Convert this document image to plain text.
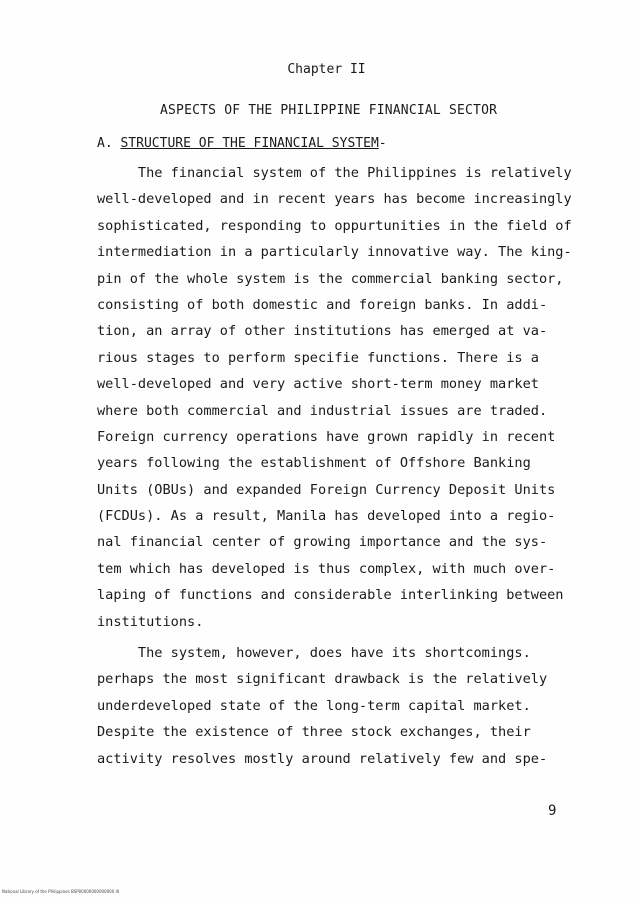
Chapter II
ASPECTS OF THE PHILIPPINE FINANCIAL SECTOR
A. STRUCTURE OF THE FINANCIAL SYSTEM-
The financial system of the Philippines is relatively
well-developed and in recent years has become increasingly
sophisticated, responding to oppurtunities in the field of
intermediation in a particularly innovative way. The king-
pin of the whole system is the commercial banking sector,
consisting of both domestic and foreign banks. In addi-
tion, an array of other institutions has emerged at va-
rious stages to perform specifie functions. There is a
well-developed and very active short-term money market
where both commercial and industrial issues are traded.
Foreign currency operations have grown rapidly in recent
years following the establishment of Offshore Banking
Units (OBUs) and expanded Foreign Currency Deposit Units
(FCDUs). As a result, Manila has developed into a regio-
nal financial center of growing importance and the sys-
tem which has developed is thus complex, with much over-
laping of functions and considerable interlinking between
institutions.
The system, however, does have its shortcomings.
perhaps the most significant drawback is the relatively
underdeveloped state of the long-term capital market.
Despite the existence of three stock exchanges, their
activity resolves mostly around relatively few and spe-
9
National Library of the Philippines BSP00000000000000 III
